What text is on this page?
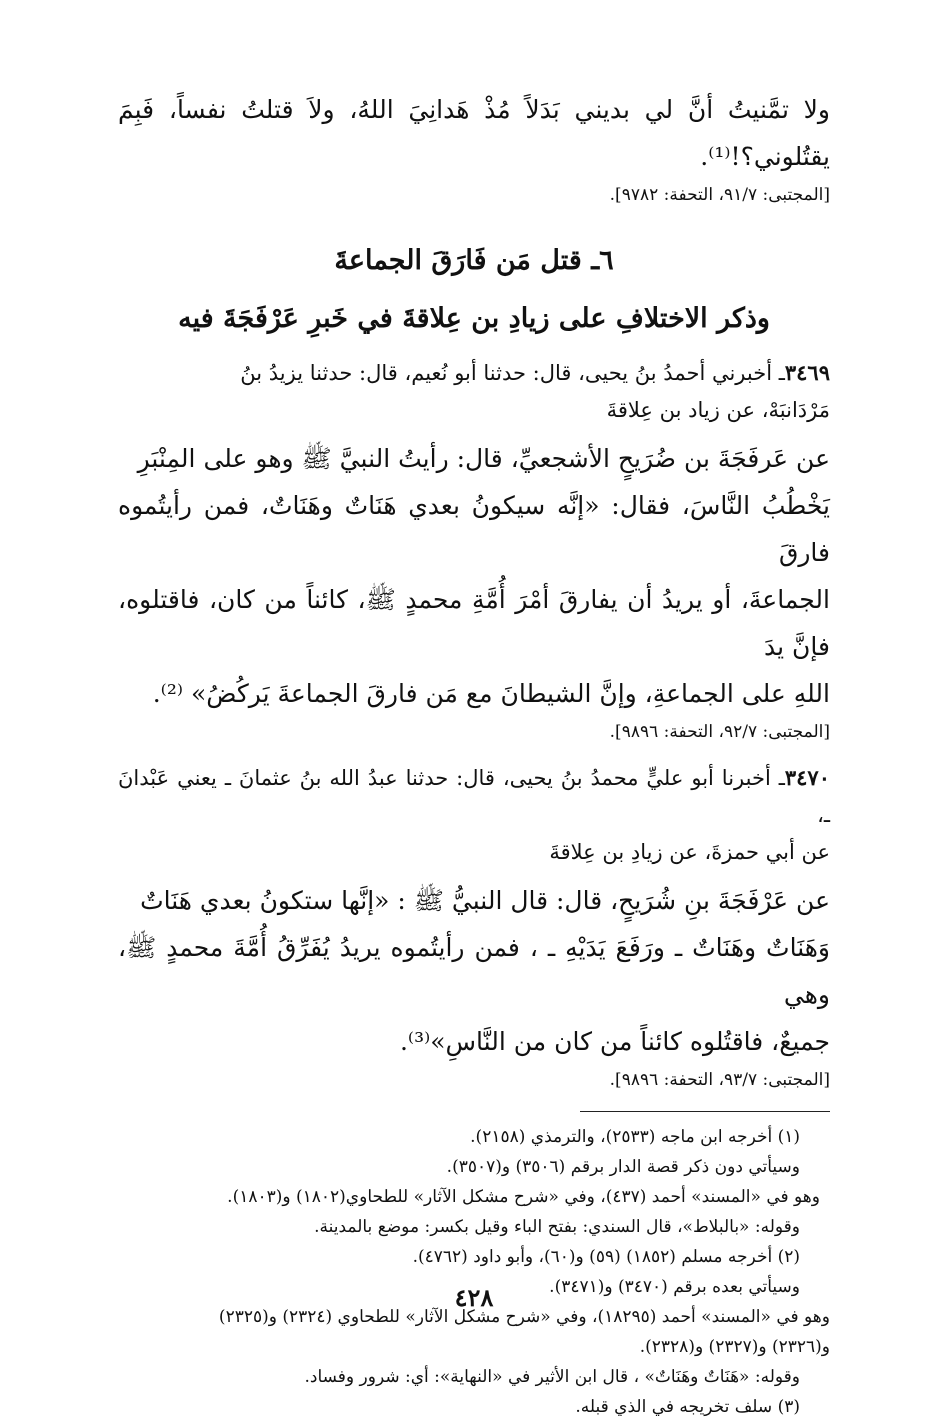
ولا تمَّنيتُ أنَّ لي بديني بَدَلاً مُذْ هَدانِيَ اللهُ، ولاَ قتلتُ نفساً، فَبِمَ يقتُلوني؟!⁽¹⁾.

[المجتبى: ٩١/٧، التحفة: ٩٧٨٢].

٦ـ قتل مَن فَارَقَ الجماعةَ
وذكر الاختلافِ على زيادِ بن عِلاقةَ في خَبرِ عَرْفَجَةَ فيه

٣٤٦٩ـ أخبرني أحمدُ بنُ يحيى، قال: حدثنا أبو نُعيم، قال: حدثنا يزيدُ بنُ

مَرْدَانبَهْ، عن زياد بن عِلاقةَ

عن عَرفَجَةَ بن ضُرَيحٍ الأشجعيِّ، قال: رأيتُ النبيَّ ﷺ وهو على المِنْبَرِ

يَخْطُبُ النَّاسَ، فقال: «إنَّه سيكونُ بعدي هَنَاتٌ وهَنَاتٌ، فمن رأيتُموه فارقَ

الجماعةَ، أو يريدُ أن يفارقَ أمْرَ أُمَّةِ محمدٍ ﷺ، كائناً من كان، فاقتلوه، فإنَّ يدَ

اللهِ على الجماعةِ، وإنَّ الشيطانَ مع مَن فارقَ الجماعةَ يَركُضُ» ⁽²⁾.

[المجتبى: ٩٢/٧، التحفة: ٩٨٩٦].

٣٤٧٠ـ أخبرنا أبو عليٍّ محمدُ بنُ يحيى، قال: حدثنا عبدُ الله بنُ عثمانَ ـ يعني عَبْدانَ ـ،

عن أبي حمزةَ، عن زيادِ بن عِلاقةَ

عن عَرْفَجَةَ بنِ شُرَيحٍ، قال: قال النبيُّ ﷺ : «إنَّها ستكونُ بعدي هَنَاتٌ

وَهَنَاتٌ وهَنَاتٌ ـ ورَفَعَ يَدَيْهِ ـ ، فمن رأيتُموه يريدُ يُفَرِّقُ أُمَّةَ محمدٍ ﷺ، وهي

جميعٌ، فاقتُلوه كائناً من كان من النَّاسِ»⁽³⁾.

[المجتبى: ٩٣/٧، التحفة: ٩٨٩٦].

(١) أخرجه ابن ماجه (٢٥٣٣)، والترمذي (٢١٥٨).

وسيأتي دون ذكر قصة الدار برقم (٣٥٠٦) و(٣٥٠٧).

وهو في «المسند» أحمد (٤٣٧)، وفي «شرح مشكل الآثار» للطحاوي(١٨٠٢) و(١٨٠٣).

وقوله: «بالبلاط»، قال السندي: بفتح الباء وقيل بكسر: موضع بالمدينة.

(٢) أخرجه مسلم (١٨٥٢) (٥٩) و(٦٠)، وأبو داود (٤٧٦٢).

وسيأتي بعده برقم (٣٤٧٠) و(٣٤٧١).

وهو في «المسند» أحمد (١٨٢٩٥)، وفي «شرح مشكل الآثار» للطحاوي (٢٣٢٤) و(٢٣٢٥)

و(٢٣٢٦) و(٢٣٢٧) و(٢٣٢٨).

وقوله: «هَنَاتٌ وهَنَاتٌ» ، قال ابن الأثير في «النهاية»: أي: شرور وفساد.

(٣) سلف تخريجه في الذي قبله.

٤٢٨
